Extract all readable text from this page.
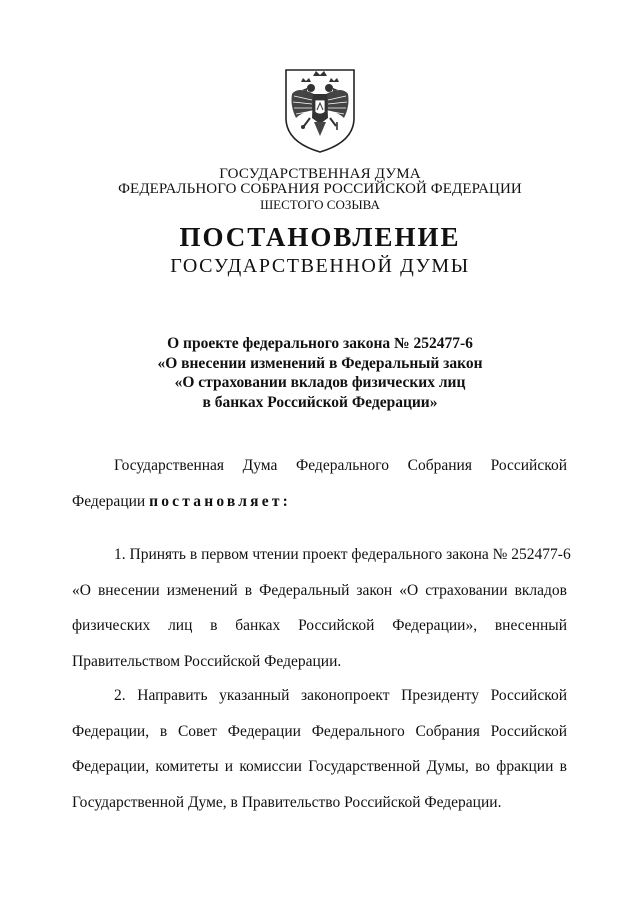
ГОСУДАРСТВЕННАЯ ДУМА
ФЕДЕРАЛЬНОГО СОБРАНИЯ РОССИЙСКОЙ ФЕДЕРАЦИИ
ШЕСТОГО СОЗЫВА
ПОСТАНОВЛЕНИЕ
ГОСУДАРСТВЕННОЙ ДУМЫ
О проекте федерального закона № 252477-6
«О внесении изменений в Федеральный закон
«О страховании вкладов физических лиц
в банках Российской Федерации»
Государственная Дума Федерального Собрания Российской
Федерации постановляет:
1. Принять в первом чтении проект федерального закона № 252477-6
«О внесении изменений в Федеральный закон «О страховании вкладов
физических лиц в банках Российской Федерации», внесенный
Правительством Российской Федерации.
2. Направить указанный законопроект Президенту Российской
Федерации, в Совет Федерации Федерального Собрания Российской
Федерации, комитеты и комиссии Государственной Думы, во фракции в
Государственной Думе, в Правительство Российской Федерации.
